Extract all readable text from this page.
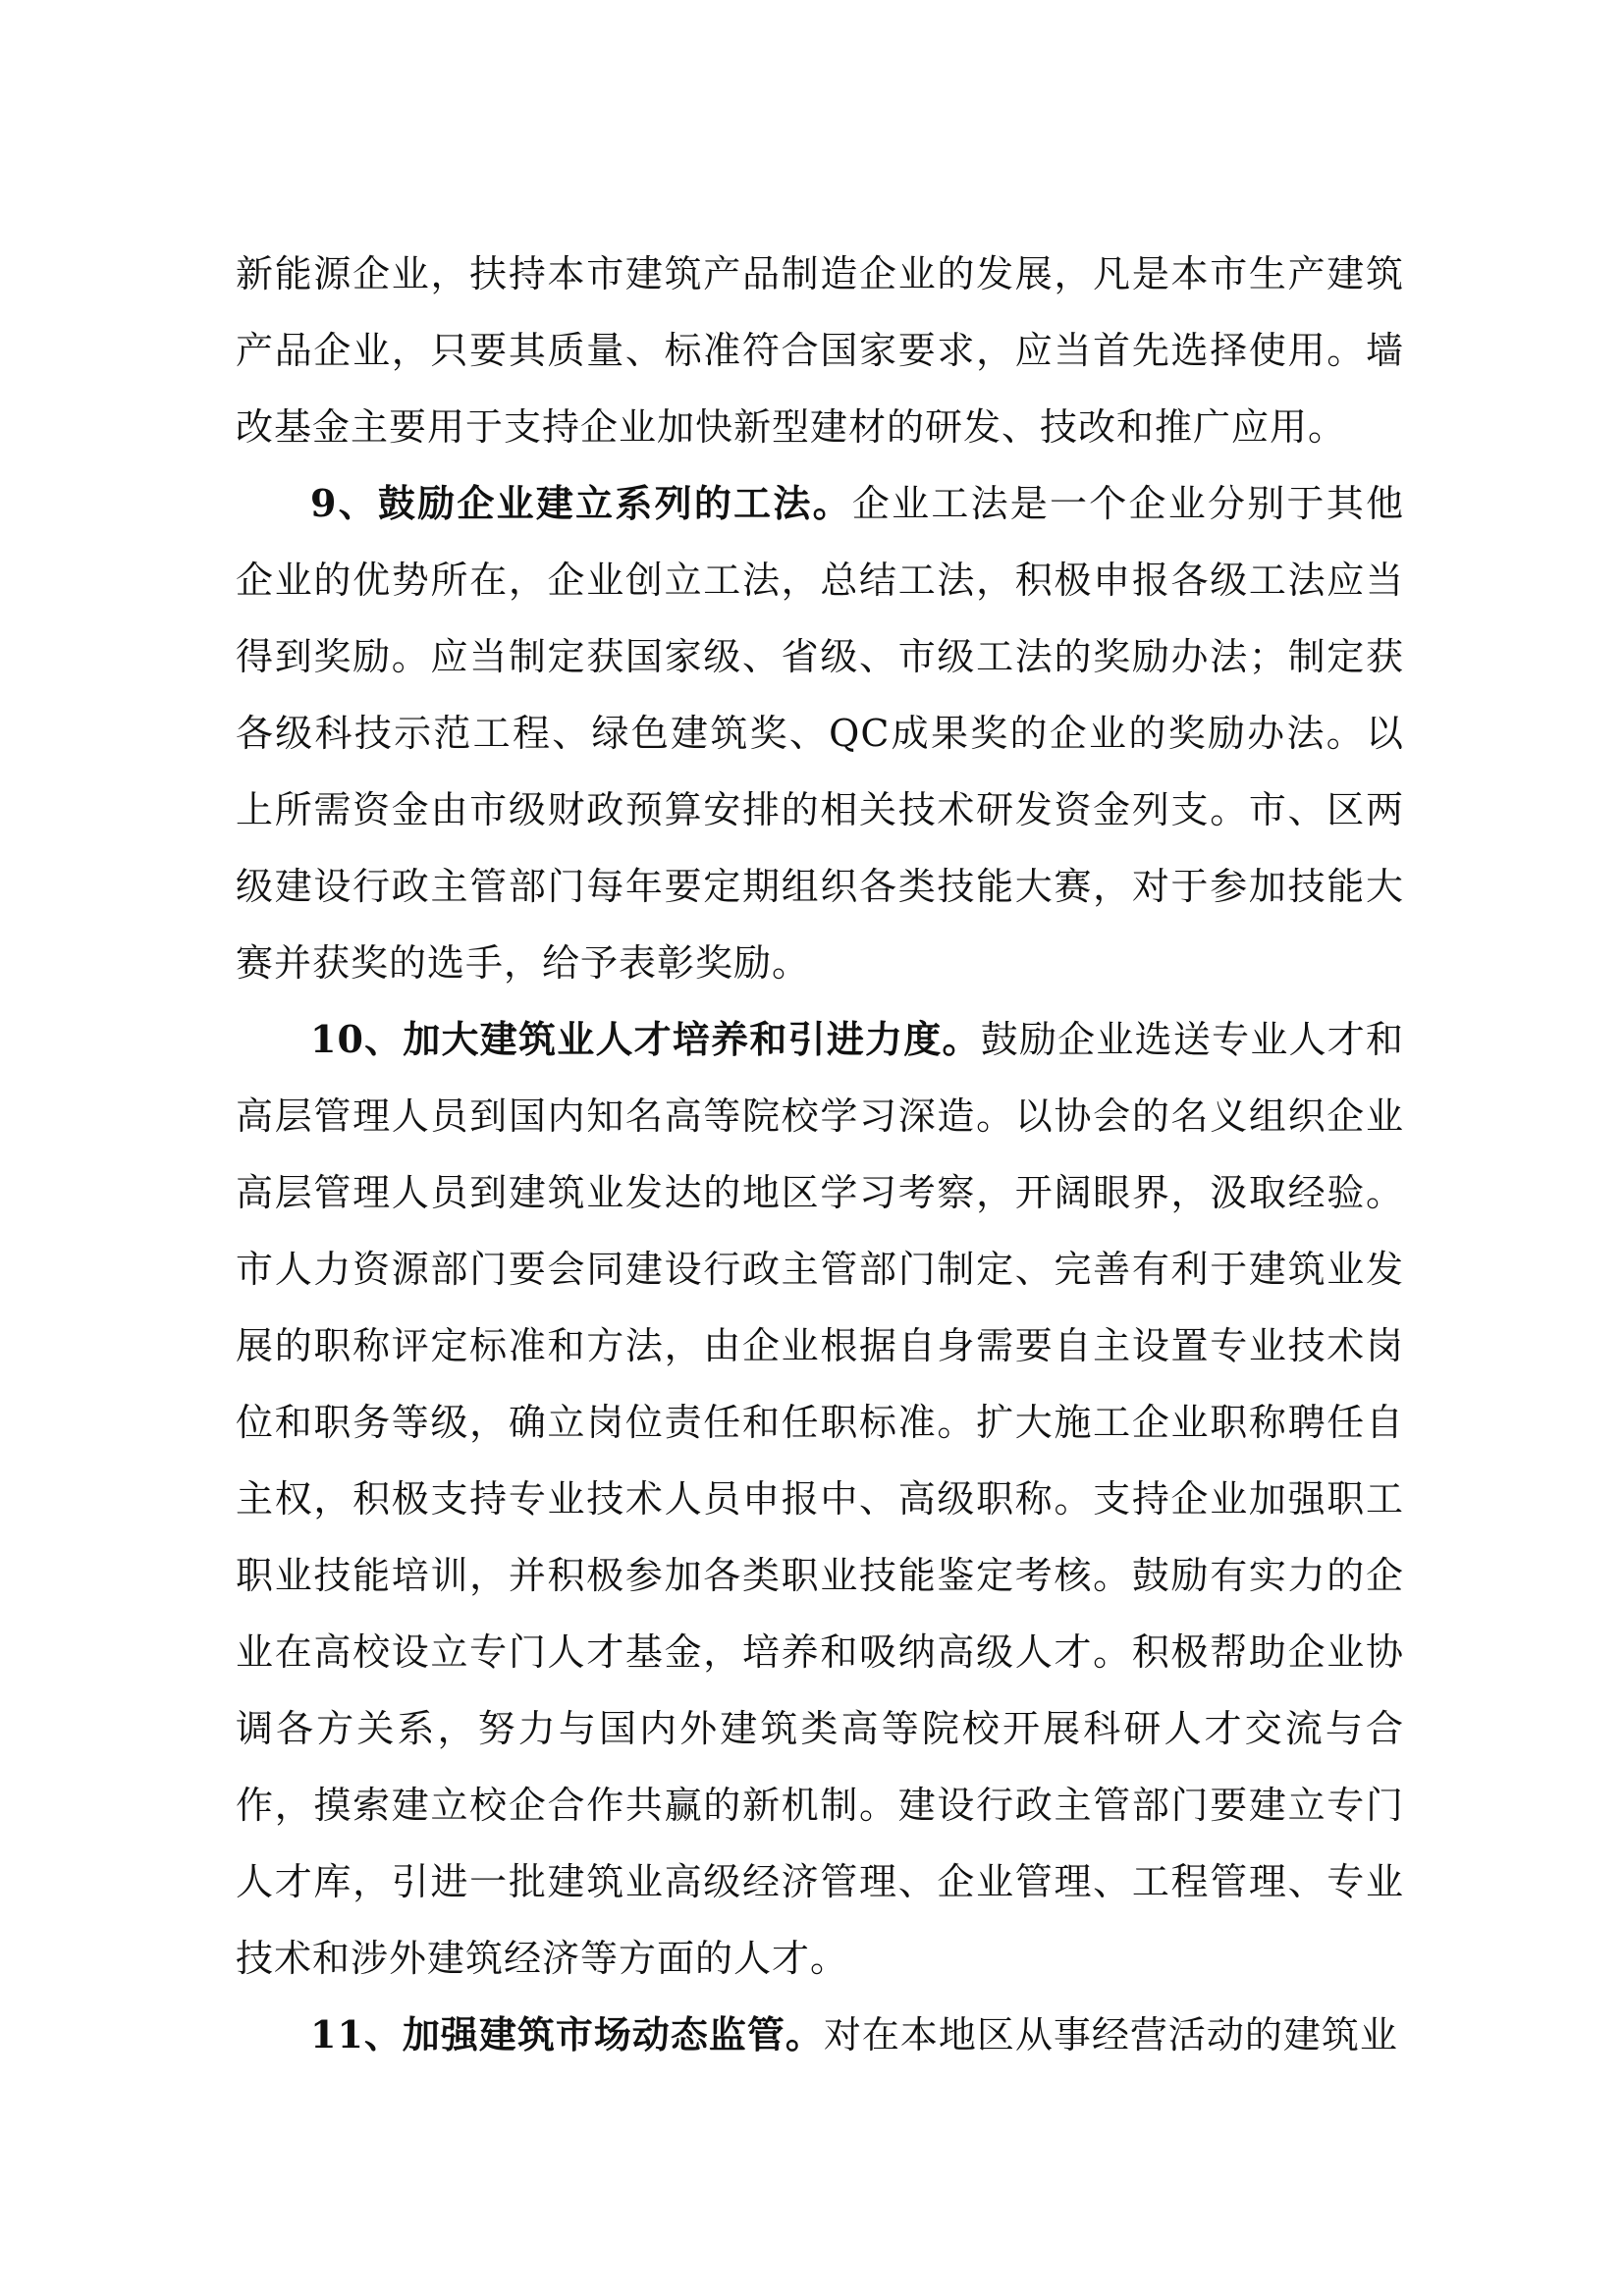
新能源企业，扶持本市建筑产品制造企业的发展，凡是本市生产建筑产品企业，只要其质量、标准符合国家要求，应当首先选择使用。墙改基金主要用于支持企业加快新型建材的研发、技改和推广应用。

9、鼓励企业建立系列的工法。企业工法是一个企业分别于其他企业的优势所在，企业创立工法，总结工法，积极申报各级工法应当得到奖励。应当制定获国家级、省级、市级工法的奖励办法；制定获各级科技示范工程、绿色建筑奖、QC成果奖的企业的奖励办法。以上所需资金由市级财政预算安排的相关技术研发资金列支。市、区两级建设行政主管部门每年要定期组织各类技能大赛，对于参加技能大赛并获奖的选手，给予表彰奖励。

10、加大建筑业人才培养和引进力度。鼓励企业选送专业人才和高层管理人员到国内知名高等院校学习深造。以协会的名义组织企业高层管理人员到建筑业发达的地区学习考察，开阔眼界，汲取经验。市人力资源部门要会同建设行政主管部门制定、完善有利于建筑业发展的职称评定标准和方法，由企业根据自身需要自主设置专业技术岗位和职务等级，确立岗位责任和任职标准。扩大施工企业职称聘任自主权，积极支持专业技术人员申报中、高级职称。支持企业加强职工职业技能培训，并积极参加各类职业技能鉴定考核。鼓励有实力的企业在高校设立专门人才基金，培养和吸纳高级人才。积极帮助企业协调各方关系，努力与国内外建筑类高等院校开展科研人才交流与合作，摸索建立校企合作共赢的新机制。建设行政主管部门要建立专门人才库，引进一批建筑业高级经济管理、企业管理、工程管理、专业技术和涉外建筑经济等方面的人才。

11、加强建筑市场动态监管。对在本地区从事经营活动的建筑业
